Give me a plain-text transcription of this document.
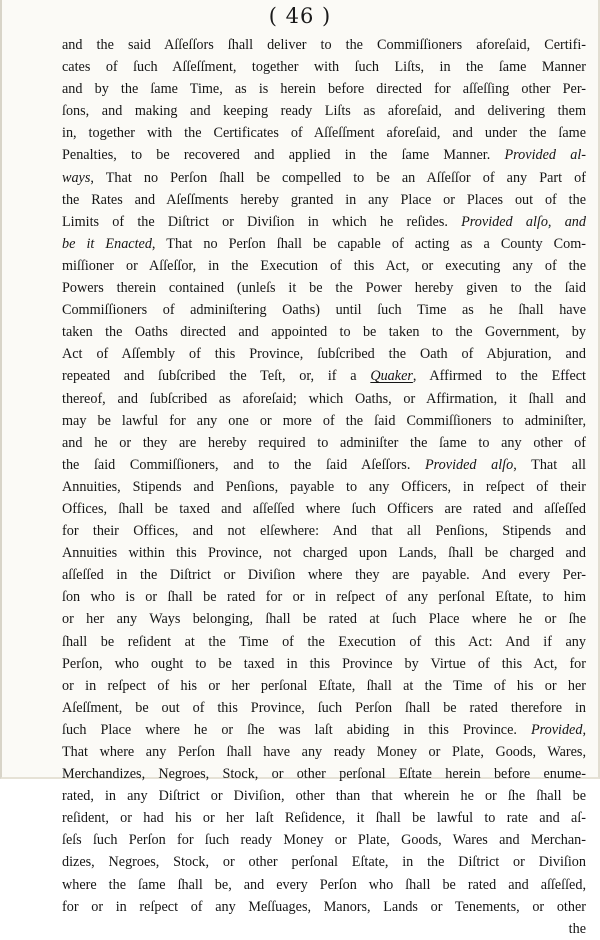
( 46 )
and the said Aſſeſſors ſhall deliver to the Commiſſioners aforeſaid, Certifi-
cates of ſuch Aſſeſſment, together with ſuch Liſts, in the ſame Manner
and by the ſame Time, as is herein before directed for aſſeſſing other Per-
ſons, and making and keeping ready Liſts as aforeſaid, and delivering them
in, together with the Certificates of Aſſeſſment aforeſaid, and under the ſame
Penalties, to be recovered and applied in the ſame Manner. Provided al-
ways, That no Perſon ſhall be compelled to be an Aſſeſſor of any Part of
the Rates and Aſeſſments hereby granted in any Place or Places out of the
Limits of the Diſtrict or Diviſion in which he reſides. Provided alſo, and
be it Enacted, That no Perſon ſhall be capable of acting as a County Com-
miſſioner or Aſſeſſor, in the Execution of this Act, or executing any of the
Powers therein contained (unleſs it be the Power hereby given to the ſaid
Commiſſioners of adminiſtering Oaths) until ſuch Time as he ſhall have
taken the Oaths directed and appointed to be taken to the Government, by
Act of Aſſembly of this Province, ſubſcribed the Oath of Abjuration, and
repeated and ſubſcribed the Teſt, or, if a Quaker, Affirmed to the Effect
thereof, and ſubſcribed as aforeſaid; which Oaths, or Affirmation, it ſhall and
may be lawful for any one or more of the ſaid Commiſſioners to adminiſter,
and he or they are hereby required to adminiſter the ſame to any other of
the ſaid Commiſſioners, and to the ſaid Aſeſſors. Provided alſo, That all
Annuities, Stipends and Penſions, payable to any Officers, in reſpect of their
Offices, ſhall be taxed and aſſeſſed where ſuch Officers are rated and aſſeſſed
for their Offices, and not elſewhere: And that all Penſions, Stipends and
Annuities within this Province, not charged upon Lands, ſhall be charged and
aſſeſſed in the Diſtrict or Diviſion where they are payable. And every Per-
ſon who is or ſhall be rated for or in reſpect of any perſonal Eſtate, to him
or her any Ways belonging, ſhall be rated at ſuch Place where he or ſhe
ſhall be reſident at the Time of the Execution of this Act: And if any
Perſon, who ought to be taxed in this Province by Virtue of this Act, for
or in reſpect of his or her perſonal Eſtate, ſhall at the Time of his or her
Aſeſſment, be out of this Province, ſuch Perſon ſhall be rated therefore in
ſuch Place where he or ſhe was laſt abiding in this Province. Provided,
That where any Perſon ſhall have any ready Money or Plate, Goods, Wares,
Merchandizes, Negroes, Stock, or other perſonal Eſtate herein before enume-
rated, in any Diſtrict or Diviſion, other than that wherein he or ſhe ſhall be
reſident, or had his or her laſt Reſidence, it ſhall be lawful to rate and aſ-
ſeſs ſuch Perſon for ſuch ready Money or Plate, Goods, Wares and Merchan-
dizes, Negroes, Stock, or other perſonal Eſtate, in the Diſtrict or Diviſion
where the ſame ſhall be, and every Perſon who ſhall be rated and aſſeſſed,
for or in reſpect of any Meſſuages, Manors, Lands or Tenements, or other
the
